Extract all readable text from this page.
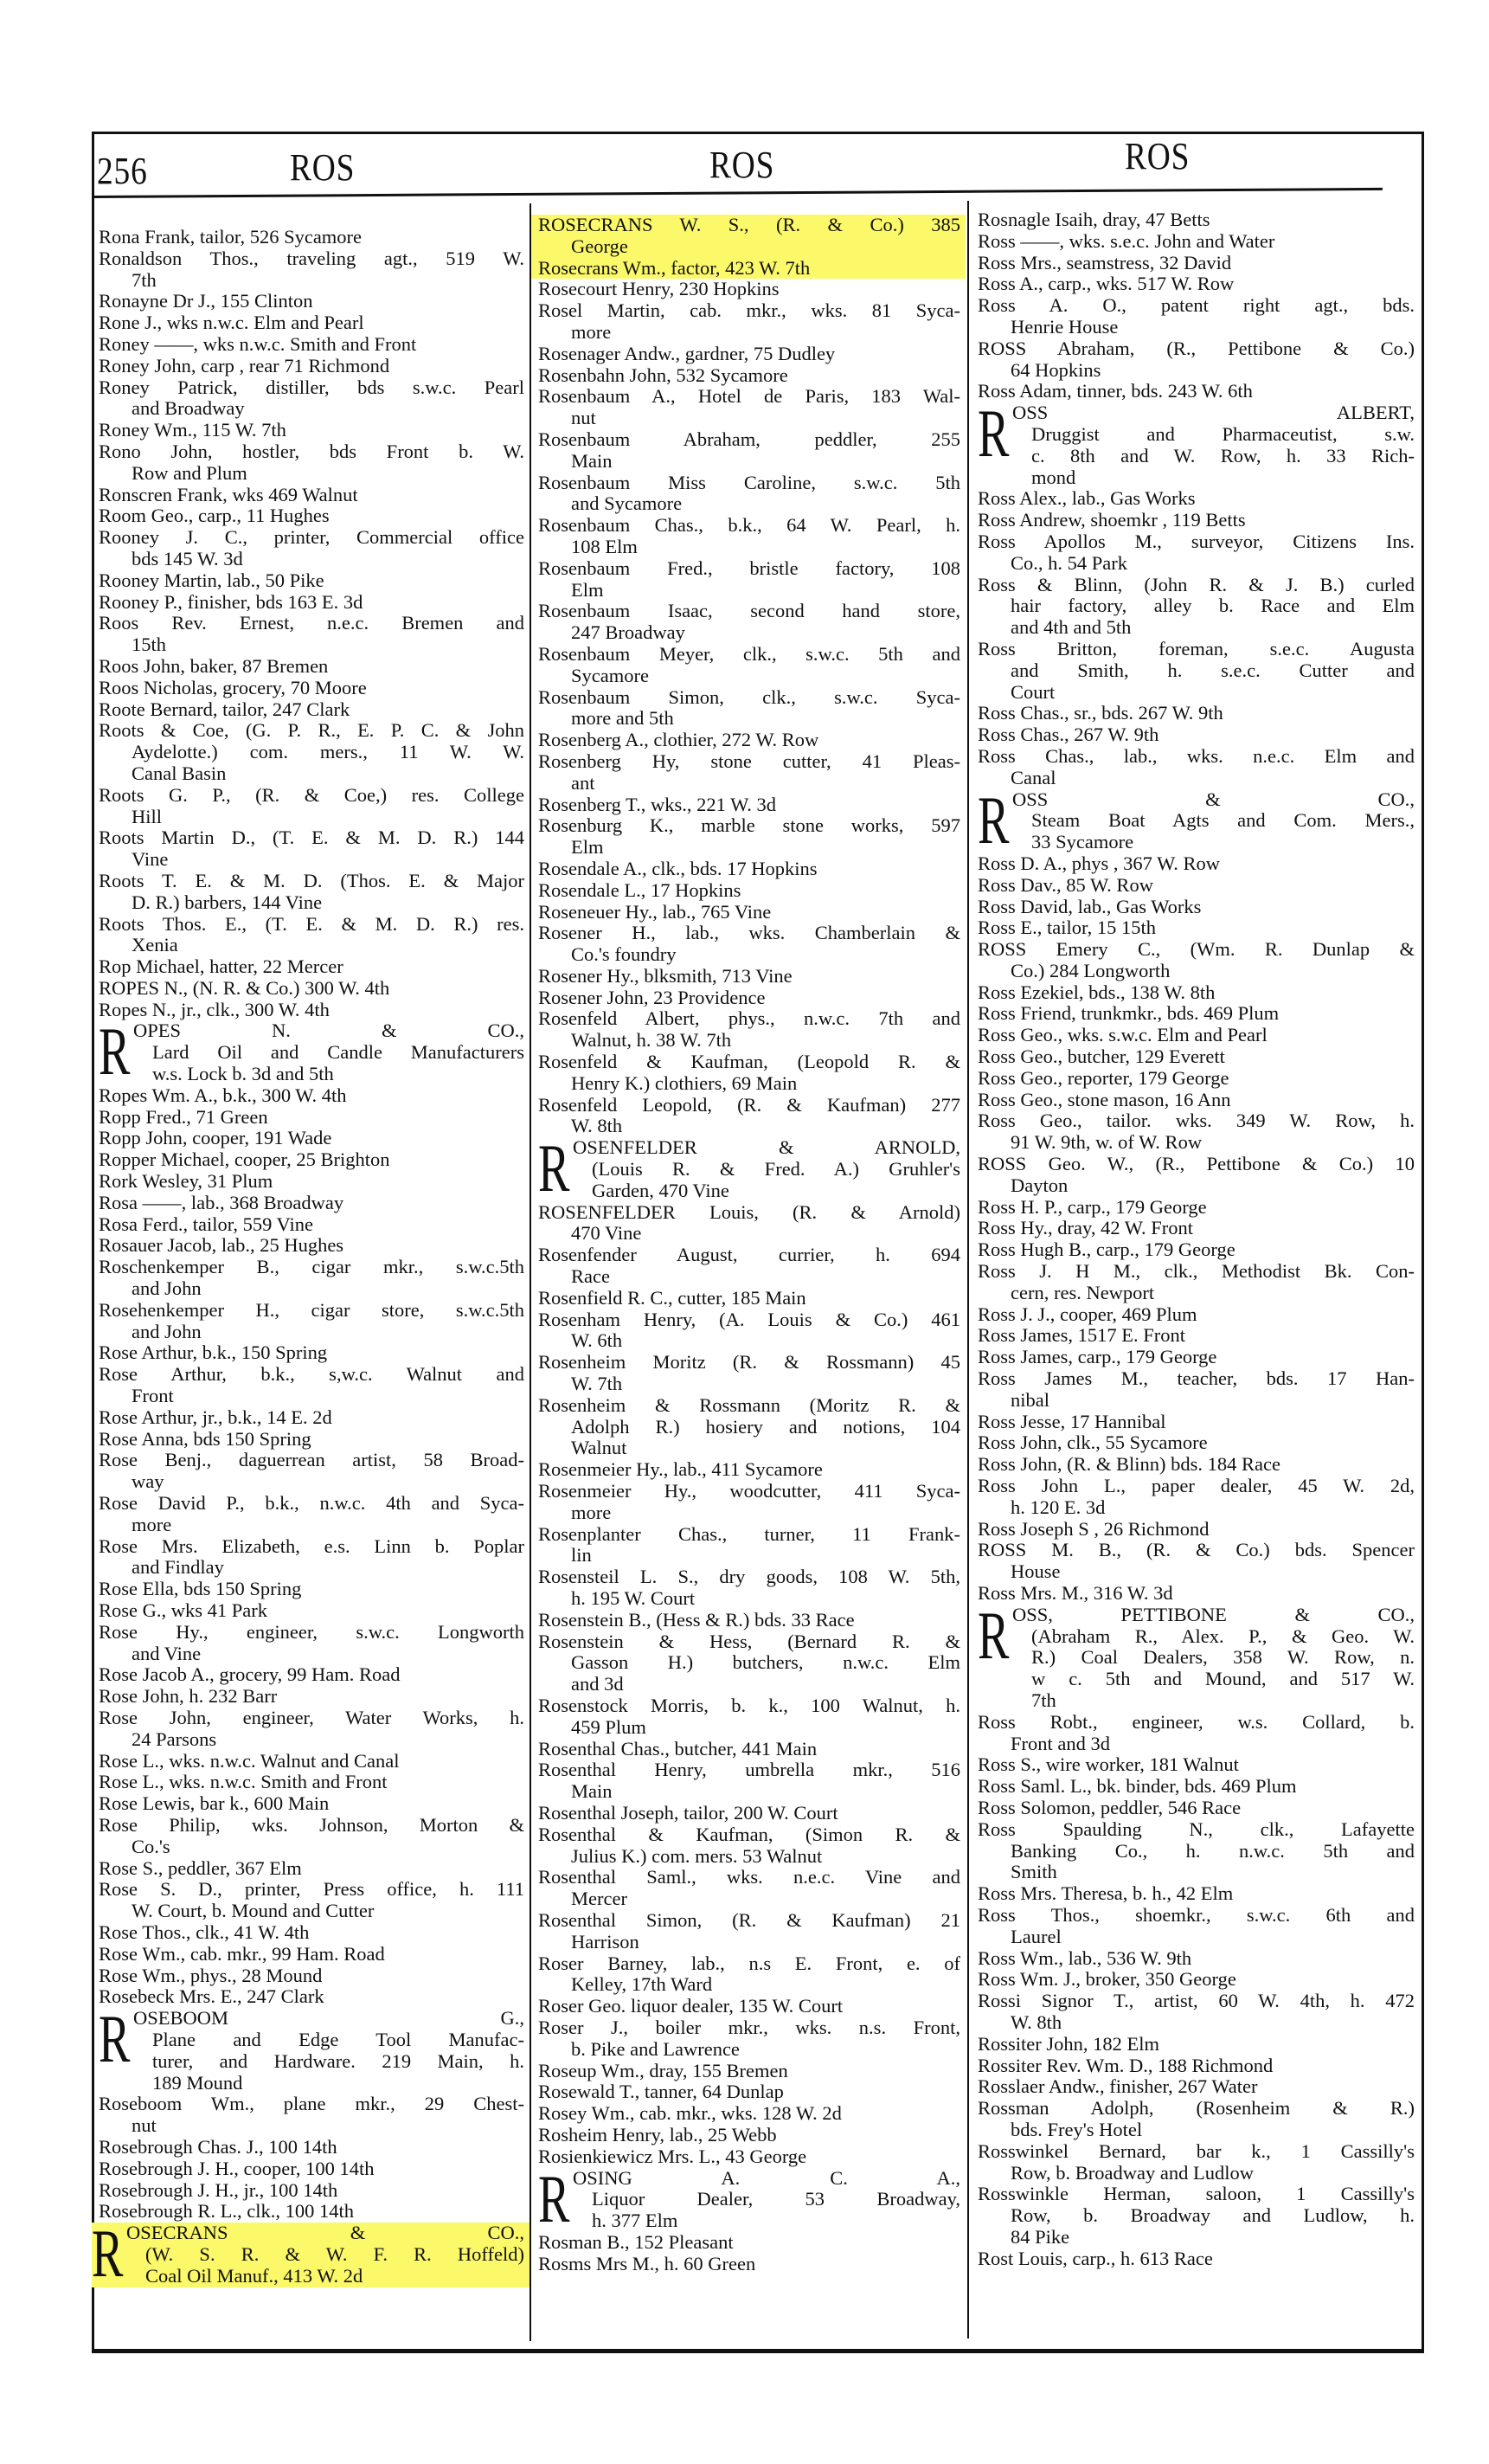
256	ROS	ROS	ROS
Rona Frank, tailor, 526 Sycamore
Ronaldson Thos., traveling agt., 519 W.
7th
Ronayne Dr J., 155 Clinton
Rone J., wks n.w.c. Elm and Pearl
Roney ——, wks n.w.c. Smith and Front
Roney John, carp , rear 71 Richmond
Roney Patrick, distiller, bds s.w.c. Pearl
and Broadway
Roney Wm., 115 W. 7th
Rono John, hostler, bds Front b. W.
Row and Plum
Ronscren Frank, wks 469 Walnut
Room Geo., carp., 11 Hughes
Rooney J. C., printer, Commercial office
bds 145 W. 3d
Rooney Martin, lab., 50 Pike
Rooney P., finisher, bds 163 E. 3d
Roos Rev. Ernest, n.e.c. Bremen and
15th
Roos John, baker, 87 Bremen
Roos Nicholas, grocery, 70 Moore
Roote Bernard, tailor, 247 Clark
Roots & Coe, (G. P. R., E. P. C. & John
Aydelotte.) com. mers., 11 W. W.
Canal Basin
Roots G. P., (R. & Coe,) res. College
Hill
Roots Martin D., (T. E. & M. D. R.) 144
Vine
Roots T. E. & M. D. (Thos. E. & Major
D. R.) barbers, 144 Vine
Roots Thos. E., (T. E. & M. D. R.) res.
Xenia
Rop Michael, hatter, 22 Mercer
ROPES N., (N. R. & Co.) 300 W. 4th
Ropes N., jr., clk., 300 W. 4th
R OPES N. & CO.,
Lard Oil and Candle Manufacturers
w.s. Lock b. 3d and 5th
Ropes Wm. A., b.k., 300 W. 4th
Ropp Fred., 71 Green
Ropp John, cooper, 191 Wade
Ropper Michael, cooper, 25 Brighton
Rork Wesley, 31 Plum
Rosa ——, lab., 368 Broadway
Rosa Ferd., tailor, 559 Vine
Rosauer Jacob, lab., 25 Hughes
Roschenkemper B., cigar mkr., s.w.c.5th
and John
Rosehenkemper H., cigar store, s.w.c.5th
and John
Rose Arthur, b.k., 150 Spring
Rose Arthur, b.k., s,w.c. Walnut and
Front
Rose Arthur, jr., b.k., 14 E. 2d
Rose Anna, bds 150 Spring
Rose Benj., daguerrean artist, 58 Broad-
way
Rose David P., b.k., n.w.c. 4th and Syca-
more
Rose Mrs. Elizabeth, e.s. Linn b. Poplar
and Findlay
Rose Ella, bds 150 Spring
Rose G., wks 41 Park
Rose Hy., engineer, s.w.c. Longworth
and Vine
Rose Jacob A., grocery, 99 Ham. Road
Rose John, h. 232 Barr
Rose John, engineer, Water Works, h.
24 Parsons
Rose L., wks. n.w.c. Walnut and Canal
Rose L., wks. n.w.c. Smith and Front
Rose Lewis, bar k., 600 Main
Rose Philip, wks. Johnson, Morton &
Co.'s
Rose S., peddler, 367 Elm
Rose S. D., printer, Press office, h. 111
W. Court, b. Mound and Cutter
Rose Thos., clk., 41 W. 4th
Rose Wm., cab. mkr., 99 Ham. Road
Rose Wm., phys., 28 Mound
Rosebeck Mrs. E., 247 Clark
R OSEBOOM G.,
Plane and Edge Tool Manufac-
turer, and Hardware. 219 Main, h.
189 Mound
Roseboom Wm., plane mkr., 29 Chest-
nut
Rosebrough Chas. J., 100 14th
Rosebrough J. H., cooper, 100 14th
Rosebrough J. H., jr., 100 14th
Rosebrough R. L., clk., 100 14th
R OSECRANS & CO.,
(W. S. R. & W. F. R. Hoffeld)
Coal Oil Manuf., 413 W. 2d
ROSECRANS W. S., (R. & Co.) 385
George
Rosecrans Wm., factor, 423 W. 7th
Rosecourt Henry, 230 Hopkins
Rosel Martin, cab. mkr., wks. 81 Syca-
more
Rosenager Andw., gardner, 75 Dudley
Rosenbahn John, 532 Sycamore
Rosenbaum A., Hotel de Paris, 183 Wal-
nut
Rosenbaum Abraham, peddler, 255
Main
Rosenbaum Miss Caroline, s.w.c. 5th
and Sycamore
Rosenbaum Chas., b.k., 64 W. Pearl, h.
108 Elm
Rosenbaum Fred., bristle factory, 108
Elm
Rosenbaum Isaac, second hand store,
247 Broadway
Rosenbaum Meyer, clk., s.w.c. 5th and
Sycamore
Rosenbaum Simon, clk., s.w.c. Syca-
more and 5th
Rosenberg A., clothier, 272 W. Row
Rosenberg Hy, stone cutter, 41 Pleas-
ant
Rosenberg T., wks., 221 W. 3d
Rosenburg K., marble stone works, 597
Elm
Rosendale A., clk., bds. 17 Hopkins
Rosendale L., 17 Hopkins
Roseneuer Hy., lab., 765 Vine
Rosener H., lab., wks. Chamberlain &
Co.'s foundry
Rosener Hy., blksmith, 713 Vine
Rosener John, 23 Providence
Rosenfeld Albert, phys., n.w.c. 7th and
Walnut, h. 38 W. 7th
Rosenfeld & Kaufman, (Leopold R. &
Henry K.) clothiers, 69 Main
Rosenfeld Leopold, (R. & Kaufman) 277
W. 8th
R OSENFELDER & ARNOLD,
(Louis R. & Fred. A.) Gruhler's
Garden, 470 Vine
ROSENFELDER Louis, (R. & Arnold)
470 Vine
Rosenfender August, currier, h. 694
Race
Rosenfield R. C., cutter, 185 Main
Rosenham Henry, (A. Louis & Co.) 461
W. 6th
Rosenheim Moritz (R. & Rossmann) 45
W. 7th
Rosenheim & Rossmann (Moritz R. &
Adolph R.) hosiery and notions, 104
Walnut
Rosenmeier Hy., lab., 411 Sycamore
Rosenmeier Hy., woodcutter, 411 Syca-
more
Rosenplanter Chas., turner, 11 Frank-
lin
Rosensteil L. S., dry goods, 108 W. 5th,
h. 195 W. Court
Rosenstein B., (Hess & R.) bds. 33 Race
Rosenstein & Hess, (Bernard R. &
Gasson H.) butchers, n.w.c. Elm
and 3d
Rosenstock Morris, b. k., 100 Walnut, h.
459 Plum
Rosenthal Chas., butcher, 441 Main
Rosenthal Henry, umbrella mkr., 516
Main
Rosenthal Joseph, tailor, 200 W. Court
Rosenthal & Kaufman, (Simon R. &
Julius K.) com. mers. 53 Walnut
Rosenthal Saml., wks. n.e.c. Vine and
Mercer
Rosenthal Simon, (R. & Kaufman) 21
Harrison
Roser Barney, lab., n.s E. Front, e. of
Kelley, 17th Ward
Roser Geo. liquor dealer, 135 W. Court
Roser J., boiler mkr., wks. n.s. Front,
b. Pike and Lawrence
Roseup Wm., dray, 155 Bremen
Rosewald T., tanner, 64 Dunlap
Rosey Wm., cab. mkr., wks. 128 W. 2d
Rosheim Henry, lab., 25 Webb
Rosienkiewicz Mrs. L., 43 George
R OSING A. C. A.,
Liquor Dealer, 53 Broadway,
h. 377 Elm
Rosman B., 152 Pleasant
Rosms Mrs M., h. 60 Green
Rosnagle Isaih, dray, 47 Betts
Ross ——, wks. s.e.c. John and Water
Ross Mrs., seamstress, 32 David
Ross A., carp., wks. 517 W. Row
Ross A. O., patent right agt., bds.
Henrie House
ROSS Abraham, (R., Pettibone & Co.)
64 Hopkins
Ross Adam, tinner, bds. 243 W. 6th
R OSS ALBERT,
Druggist and Pharmaceutist, s.w.
c. 8th and W. Row, h. 33 Rich-
mond
Ross Alex., lab., Gas Works
Ross Andrew, shoemkr , 119 Betts
Ross Apollos M., surveyor, Citizens Ins.
Co., h. 54 Park
Ross & Blinn, (John R. & J. B.) curled
hair factory, alley b. Race and Elm
and 4th and 5th
Ross Britton, foreman, s.e.c. Augusta
and Smith, h. s.e.c. Cutter and
Court
Ross Chas., sr., bds. 267 W. 9th
Ross Chas., 267 W. 9th
Ross Chas., lab., wks. n.e.c. Elm and
Canal
R OSS & CO.,
Steam Boat Agts and Com. Mers.,
33 Sycamore
Ross D. A., phys , 367 W. Row
Ross Dav., 85 W. Row
Ross David, lab., Gas Works
Ross E., tailor, 15 15th
ROSS Emery C., (Wm. R. Dunlap &
Co.) 284 Longworth
Ross Ezekiel, bds., 138 W. 8th
Ross Friend, trunkmkr., bds. 469 Plum
Ross Geo., wks. s.w.c. Elm and Pearl
Ross Geo., butcher, 129 Everett
Ross Geo., reporter, 179 George
Ross Geo., stone mason, 16 Ann
Ross Geo., tailor. wks. 349 W. Row, h.
91 W. 9th, w. of W. Row
ROSS Geo. W., (R., Pettibone & Co.) 10
Dayton
Ross H. P., carp., 179 George
Ross Hy., dray, 42 W. Front
Ross Hugh B., carp., 179 George
Ross J. H M., clk., Methodist Bk. Con-
cern, res. Newport
Ross J. J., cooper, 469 Plum
Ross James, 1517 E. Front
Ross James, carp., 179 George
Ross James M., teacher, bds. 17 Han-
nibal
Ross Jesse, 17 Hannibal
Ross John, clk., 55 Sycamore
Ross John, (R. & Blinn) bds. 184 Race
Ross John L., paper dealer, 45 W. 2d,
h. 120 E. 3d
Ross Joseph S , 26 Richmond
ROSS M. B., (R. & Co.) bds. Spencer
House
Ross Mrs. M., 316 W. 3d
R OSS, PETTIBONE & CO.,
(Abraham R., Alex. P., & Geo. W.
R.) Coal Dealers, 358 W. Row, n.
w c. 5th and Mound, and 517 W.
7th
Ross Robt., engineer, w.s. Collard, b.
Front and 3d
Ross S., wire worker, 181 Walnut
Ross Saml. L., bk. binder, bds. 469 Plum
Ross Solomon, peddler, 546 Race
Ross Spaulding N., clk., Lafayette
Banking Co., h. n.w.c. 5th and
Smith
Ross Mrs. Theresa, b. h., 42 Elm
Ross Thos., shoemkr., s.w.c. 6th and
Laurel
Ross Wm., lab., 536 W. 9th
Ross Wm. J., broker, 350 George
Rossi Signor T., artist, 60 W. 4th, h. 472
W. 8th
Rossiter John, 182 Elm
Rossiter Rev. Wm. D., 188 Richmond
Rosslaer Andw., finisher, 267 Water
Rossman Adolph, (Rosenheim & R.)
bds. Frey's Hotel
Rosswinkel Bernard, bar k., 1 Cassilly's
Row, b. Broadway and Ludlow
Rosswinkle Herman, saloon, 1 Cassilly's
Row, b. Broadway and Ludlow, h.
84 Pike
Rost Louis, carp., h. 613 Race
